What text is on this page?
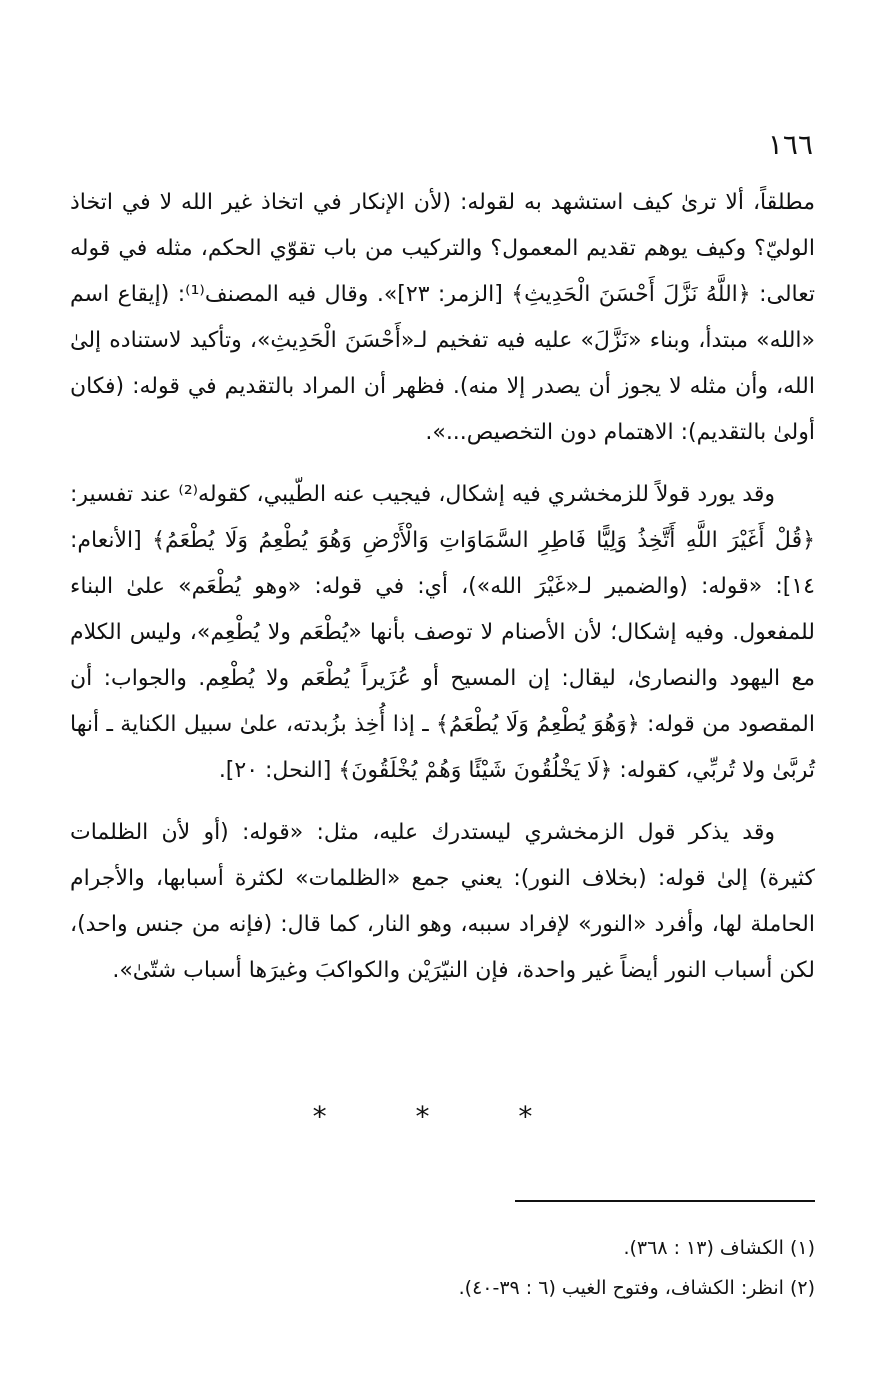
١٦٦

مطلقاً، ألا ترىٰ كيف استشهد به لقوله: (لأن الإنكار في اتخاذ غير الله لا في اتخاذ الوليّ؟ وكيف يوهم تقديم المعمول؟ والتركيب من باب تقوّي الحكم، مثله في قوله تعالى: ﴿اللَّهُ نَزَّلَ أَحْسَنَ الْحَدِيثِ﴾ [الزمر: ٢٣]». وقال فيه المصنف⁽¹⁾: (إيقاع اسم «الله» مبتدأ، وبناء «نَزَّلَ» عليه فيه تفخيم لـ«أَحْسَنَ الْحَدِيثِ»، وتأكيد لاستناده إلىٰ الله، وأن مثله لا يجوز أن يصدر إلا منه). فظهر أن المراد بالتقديم في قوله: (فكان أولىٰ بالتقديم): الاهتمام دون التخصيص...».

وقد يورد قولاً للزمخشري فيه إشكال، فيجيب عنه الطّيبي، كقوله⁽²⁾ عند تفسير: ﴿قُلْ أَغَيْرَ اللَّهِ أَتَّخِذُ وَلِيًّا فَاطِرِ السَّمَاوَاتِ وَالْأَرْضِ وَهُوَ يُطْعِمُ وَلَا يُطْعَمُ﴾ [الأنعام: ١٤]: «قوله: (والضمير لـ«غَيْرَ الله»)، أي: في قوله: «وهو يُطْعَم» علىٰ البناء للمفعول. وفيه إشكال؛ لأن الأصنام لا توصف بأنها «يُطْعَم ولا يُطْعِم»، وليس الكلام مع اليهود والنصارىٰ، ليقال: إن المسيح أو عُزَيراً يُطْعَم ولا يُطْعِم. والجواب: أن المقصود من قوله: ﴿وَهُوَ يُطْعِمُ وَلَا يُطْعَمُ﴾ ـ إذا أُخِذ بزُبدته، علىٰ سبيل الكناية ـ أنها تُربَّىٰ ولا تُربِّي، كقوله: ﴿لَا يَخْلُقُونَ شَيْئًا وَهُمْ يُخْلَقُونَ﴾ [النحل: ٢٠].

وقد يذكر قول الزمخشري ليستدرك عليه، مثل: «قوله: (أو لأن الظلمات كثيرة) إلىٰ قوله: (بخلاف النور): يعني جمع «الظلمات» لكثرة أسبابها، والأجرام الحاملة لها، وأفرد «النور» لإفراد سببه، وهو النار، كما قال: (فإنه من جنس واحد)، لكن أسباب النور أيضاً غير واحدة، فإن النيّرَيْن والكواكبَ وغيرَها أسباب شتّىٰ».

* * *

(١) الكشاف (١٣ : ٣٦٨).

(٢) انظر: الكشاف، وفتوح الغيب (٦ : ٣٩-٤٠).
